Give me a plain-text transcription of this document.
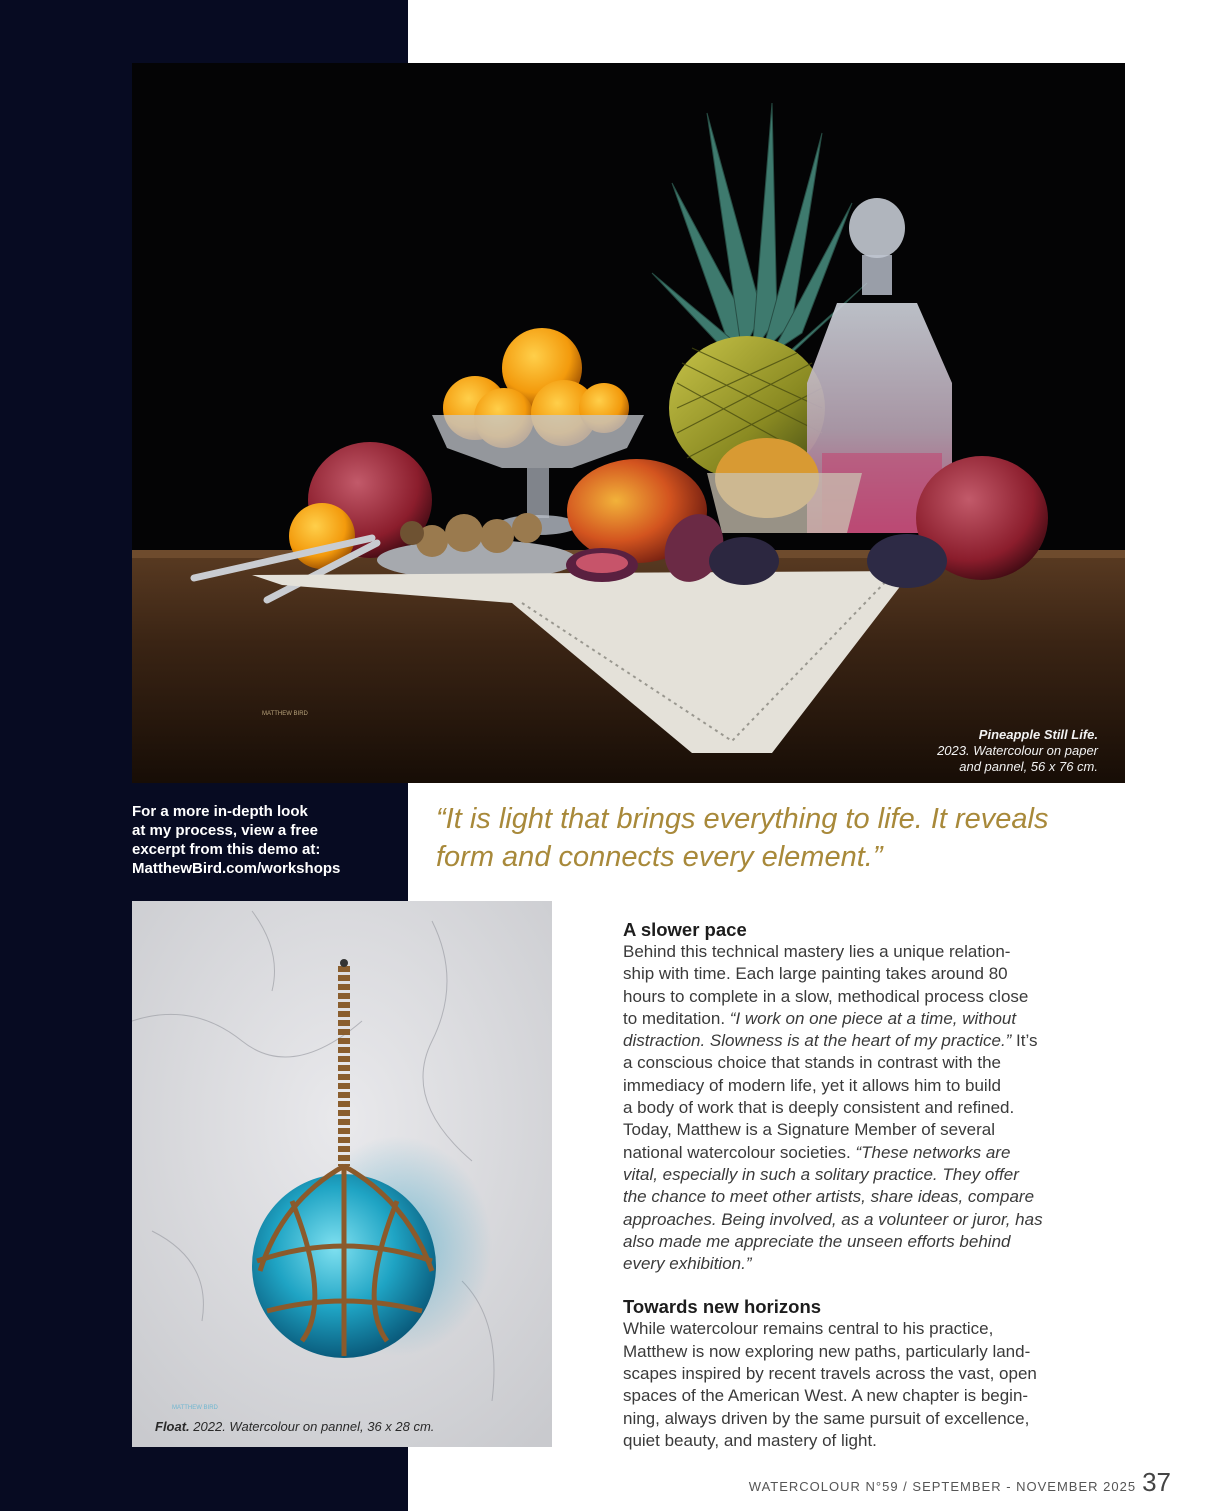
MATTHEW BIRD
Pineapple Still Life.
2023. Watercolour on paper
and pannel, 56 x 76 cm.
For a more in-depth look
at my process, view a free
excerpt from this demo at:
MatthewBird.com/workshops
“It is light that brings everything to life. It reveals
form and connects every element.”
MATTHEW BIRD
Float. 2022. Watercolour on pannel, 36 x 28 cm.
A slower pace
Behind this technical mastery lies a unique relation-
ship with time. Each large painting takes around 80
hours to complete in a slow, methodical process close
to meditation. “I work on one piece at a time, without
distraction. Slowness is at the heart of my practice.” It’s
a conscious choice that stands in contrast with the
immediacy of modern life, yet it allows him to build
a body of work that is deeply consistent and refined.
Today, Matthew is a Signature Member of several
national watercolour societies. “These networks are
vital, especially in such a solitary practice. They offer
the chance to meet other artists, share ideas, compare
approaches. Being involved, as a volunteer or juror, has
also made me appreciate the unseen efforts behind
every exhibition.”
Towards new horizons
While watercolour remains central to his practice,
Matthew is now exploring new paths, particularly land-
scapes inspired by recent travels across the vast, open
spaces of the American West. A new chapter is begin-
ning, always driven by the same pursuit of excellence,
quiet beauty, and mastery of light.
WATERCOLOUR N°59 / SEPTEMBER - NOVEMBER 2025 37
